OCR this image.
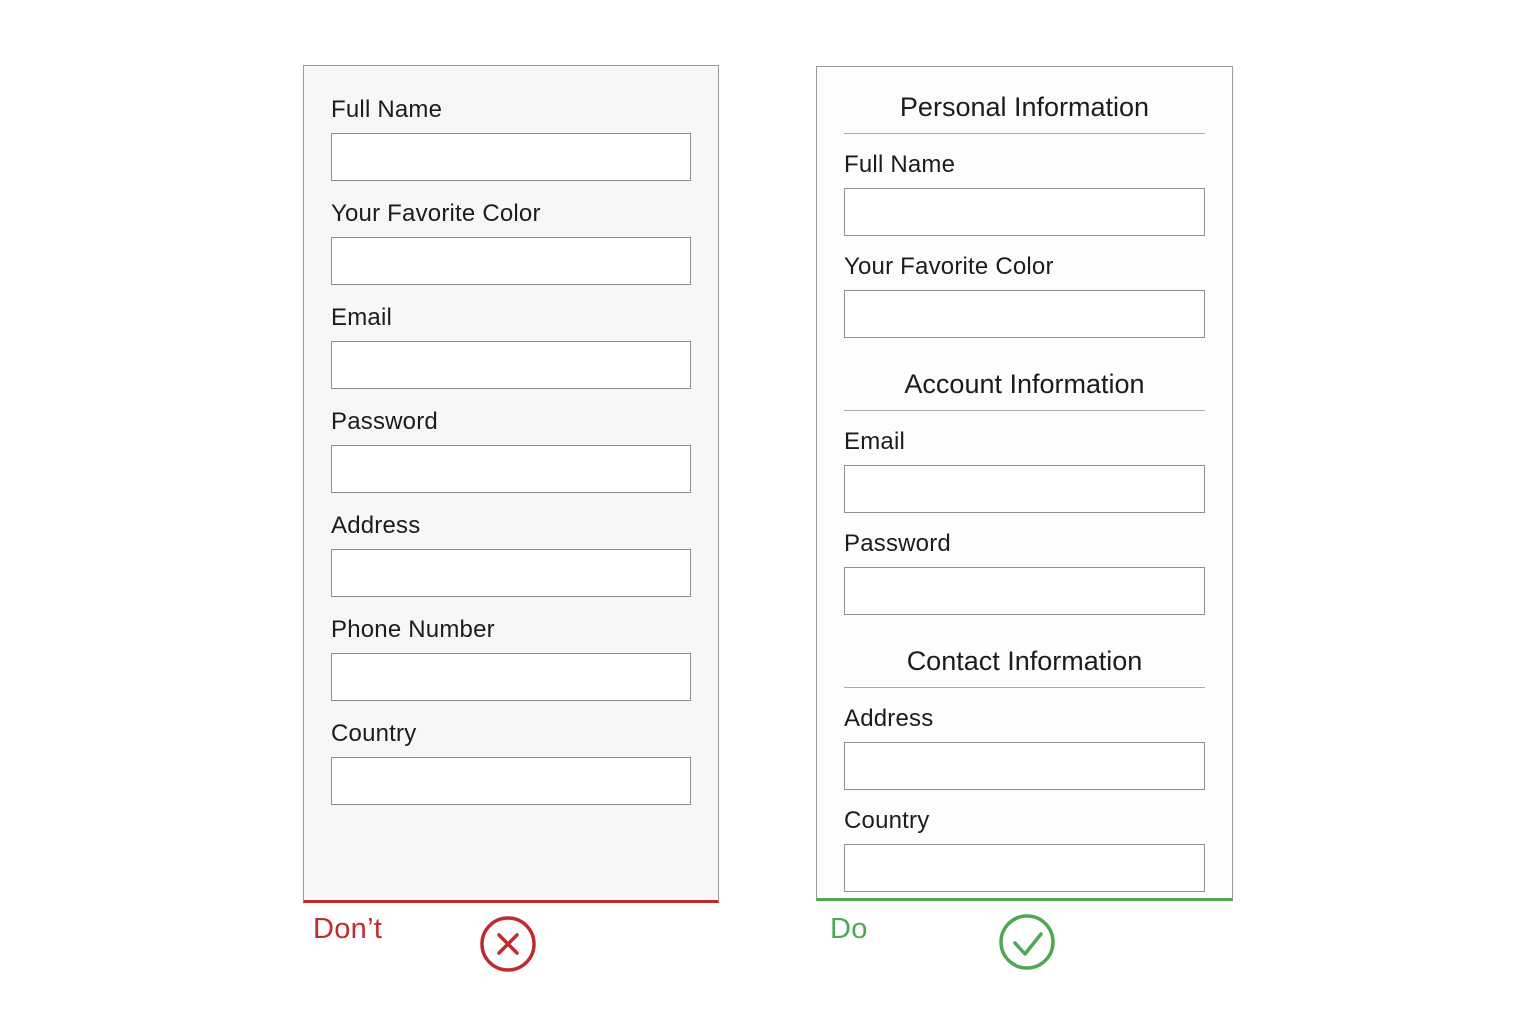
Full Name
Your Favorite Color
Email
Password
Address
Phone Number
Country
Personal Information
Full Name
Your Favorite Color
Account Information
Email
Password
Contact Information
Address
Country
Don’t	Do
